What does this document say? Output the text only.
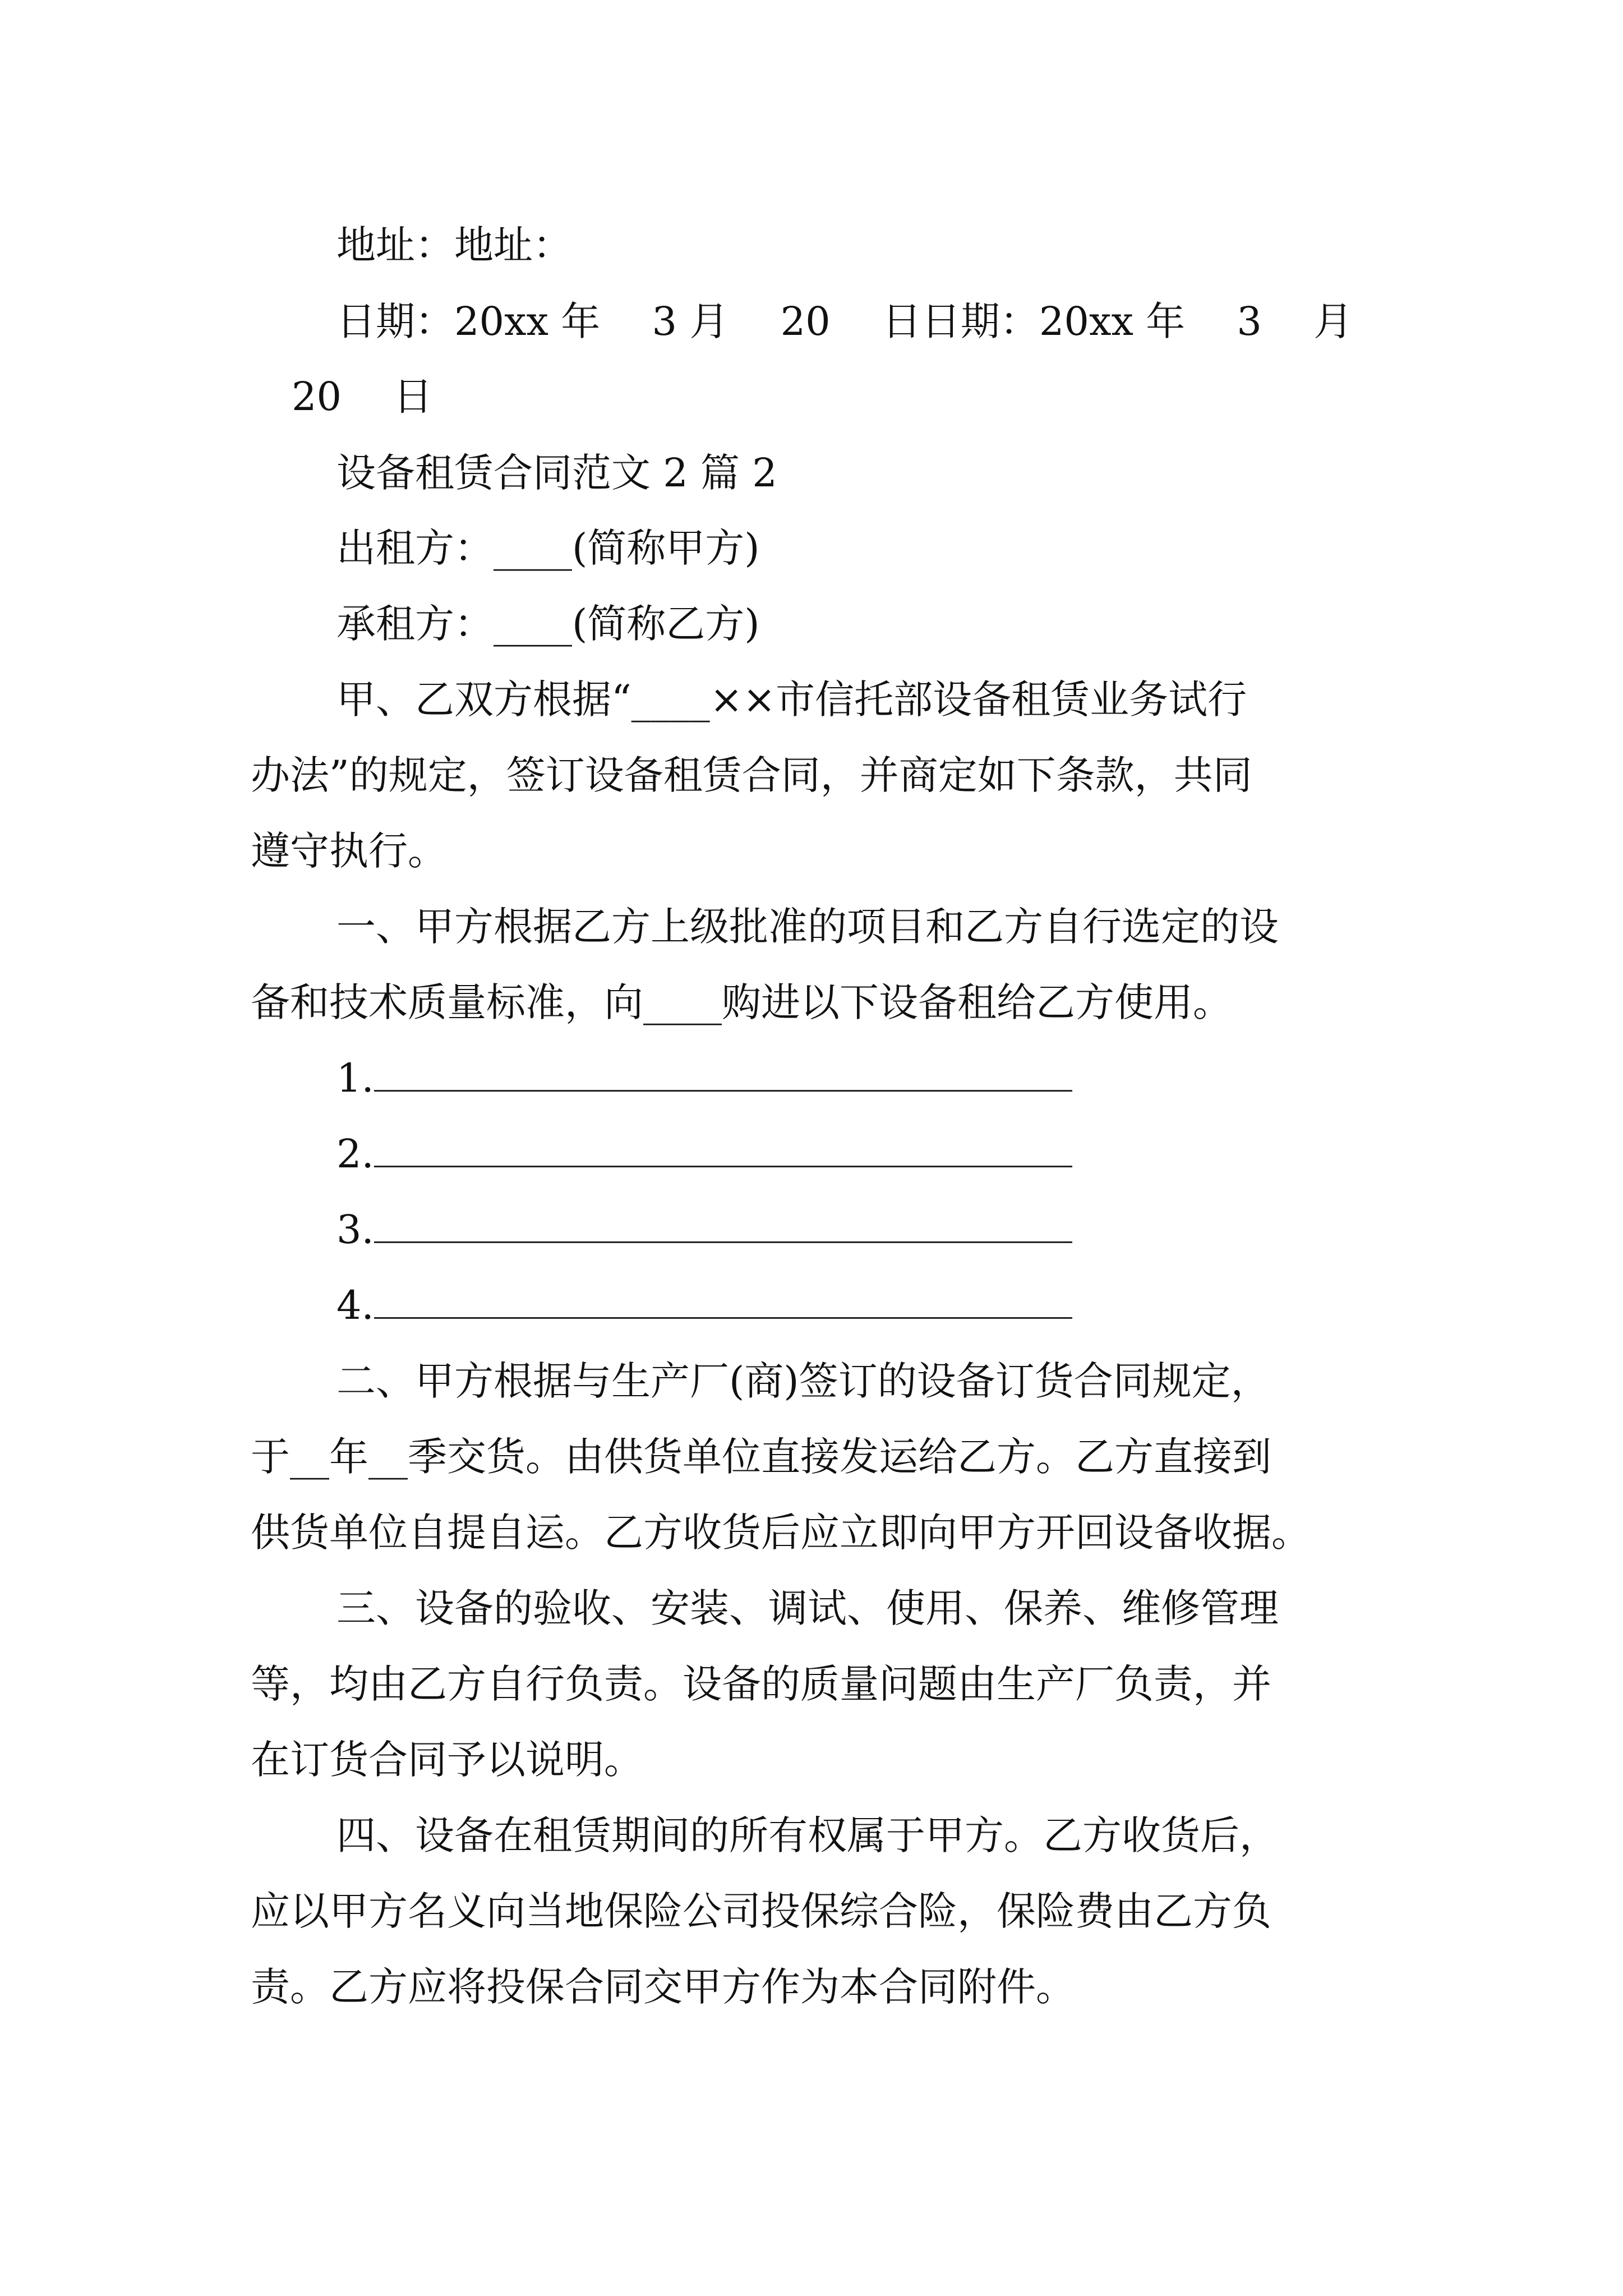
地址：地址：
日期：20xx 年　 3 月　 20　 日日期：20xx 年　 3　 月
20　 日
设备租赁合同范文 2 篇 2
出租方：____(简称甲方)
承租方：____(简称乙方)
甲、乙双方根据“____××市信托部设备租赁业务试行
办法”的规定，签订设备租赁合同，并商定如下条款，共同
遵守执行。
一、甲方根据乙方上级批准的项目和乙方自行选定的设
备和技术质量标准，向____购进以下设备租给乙方使用。
1.
2.
3.
4.
二、甲方根据与生产厂(商)签订的设备订货合同规定，
于__年__季交货。由供货单位直接发运给乙方。乙方直接到
供货单位自提自运。乙方收货后应立即向甲方开回设备收据。
三、设备的验收、安装、调试、使用、保养、维修管理
等，均由乙方自行负责。设备的质量问题由生产厂负责，并
在订货合同予以说明。
四、设备在租赁期间的所有权属于甲方。乙方收货后，
应以甲方名义向当地保险公司投保综合险，保险费由乙方负
责。乙方应将投保合同交甲方作为本合同附件。
